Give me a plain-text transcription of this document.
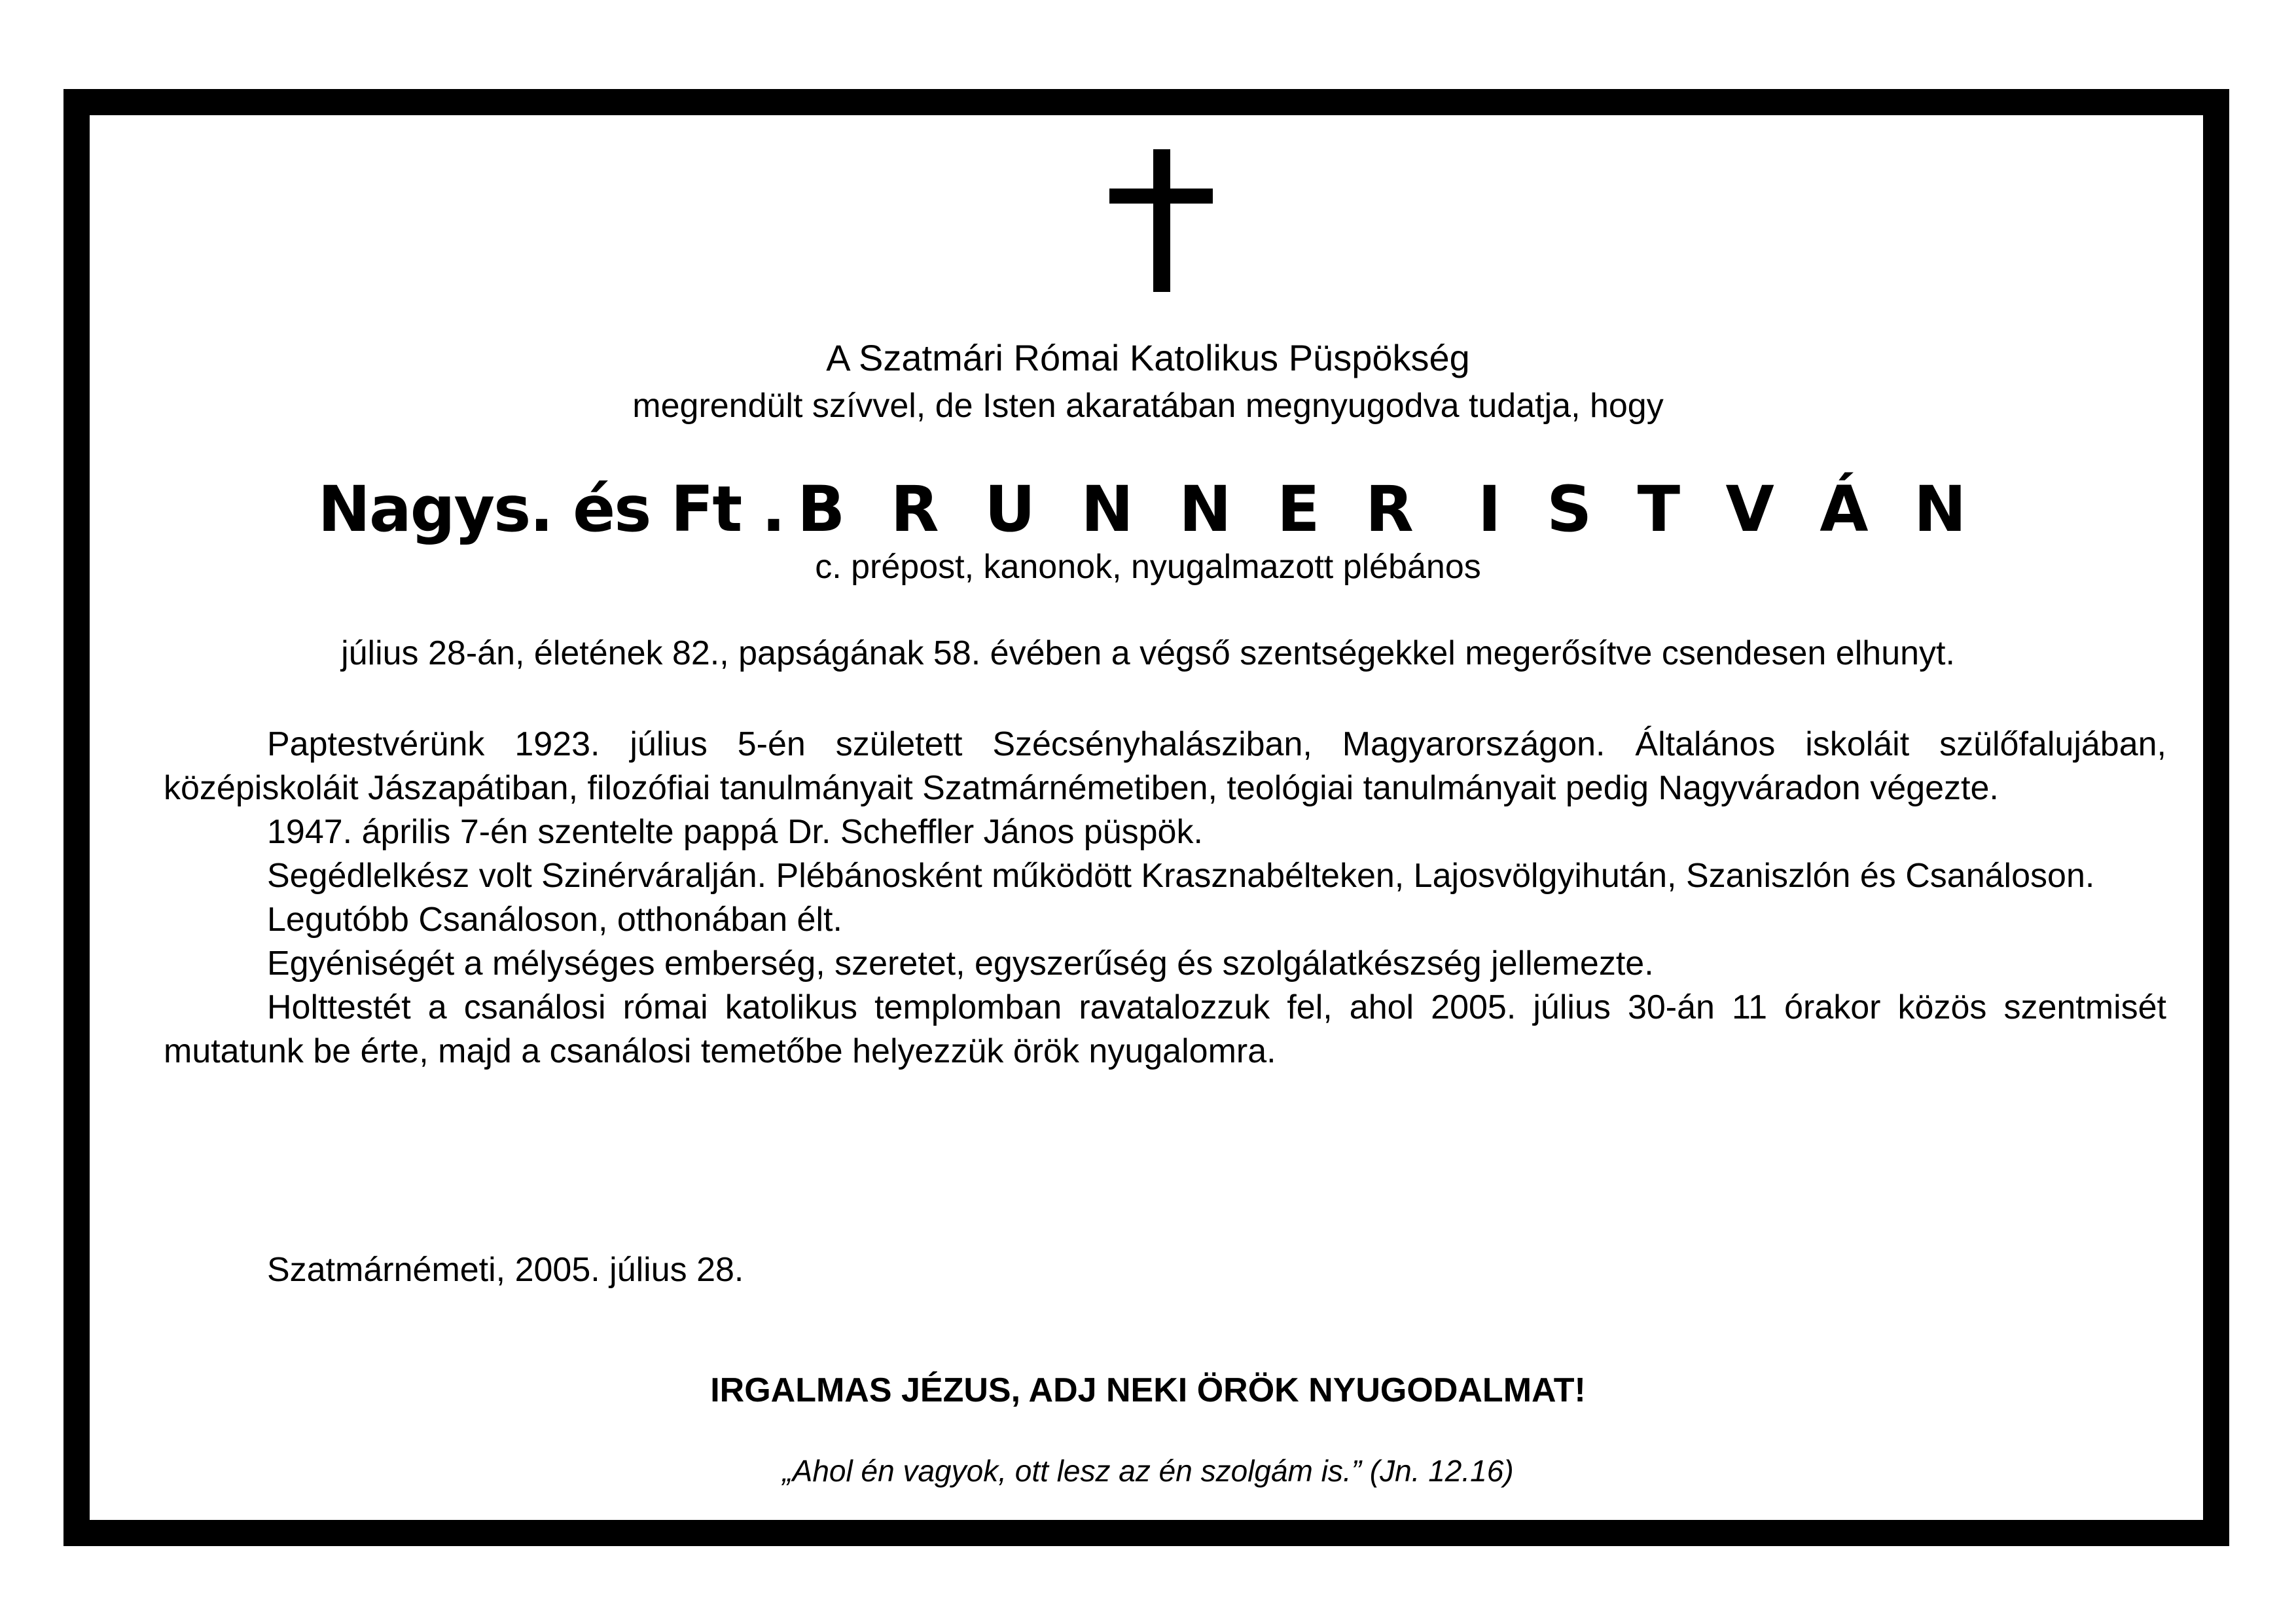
A Szatmári Római Katolikus Püspökség
megrendült szívvel, de Isten akaratában megnyugodva tudatja, hogy
Nagys. és Ft . B R U N N E R I S T V Á N
c. prépost, kanonok, nyugalmazott plébános
július 28-án, életének 82., papságának 58. évében a végső szentségekkel megerősítve csendesen elhunyt.

Paptestvérünk 1923. július 5-én született Szécsényhalásziban, Magyarországon. Általános iskoláit szülőfalujában, középiskoláit Jászapátiban, filozófiai tanulmányait Szatmárnémetiben, teológiai tanulmányait pedig Nagyváradon végezte.

1947. április 7-én szentelte pappá Dr. Scheffler János püspök.

Segédlelkész volt Szinérváralján. Plébánosként működött Krasznabélteken, Lajosvölgyihután, Szaniszlón és Csanáloson.

Legutóbb Csanáloson, otthonában élt.

Egyéniségét a mélységes emberség, szeretet, egyszerűség és szolgálatkészség jellemezte.

Holttestét a csanálosi római katolikus templomban ravatalozzuk fel, ahol 2005. július 30-án 11 órakor közös szentmisét mutatunk be érte, majd a csanálosi temetőbe helyezzük örök nyugalomra.

Szatmárnémeti, 2005. július 28.
IRGALMAS JÉZUS, ADJ NEKI ÖRÖK NYUGODALMAT!
„Ahol én vagyok, ott lesz az én szolgám is.” (Jn. 12.16)
